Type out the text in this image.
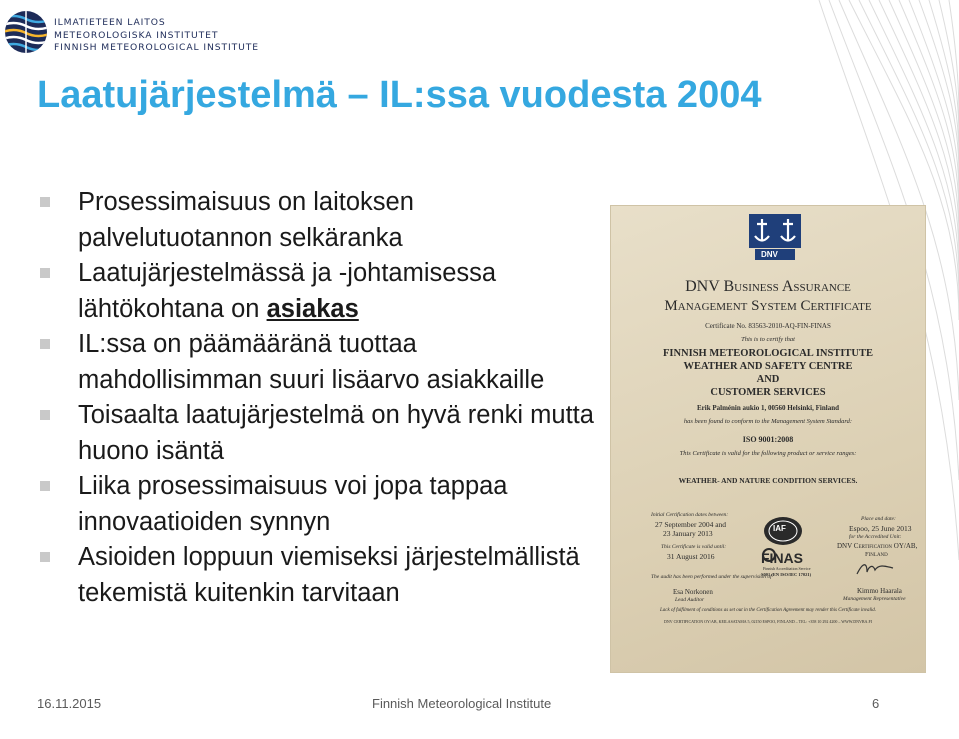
ILMATIETEEN LAITOS
METEOROLOGISKA INSTITUTET
FINNISH METEOROLOGICAL INSTITUTE
Laatujärjestelmä – IL:ssa vuodesta 2004
Prosessimaisuus on laitoksen palvelutuotannon selkäranka
Laatujärjestelmässä ja -johtamisessa lähtökohtana on asiakas
IL:ssa on päämääränä tuottaa mahdollisimman suuri lisäarvo asiakkaille
Toisaalta laatujärjestelmä on hyvä renki mutta huono isäntä
Liika prosessimaisuus voi jopa tappaa innovaatioiden synnyn
Asioiden loppuun viemiseksi järjestelmällistä tekemistä kuitenkin tarvitaan
DNV
DNV Business Assurance
Management System Certificate
Certificate No. 83563-2010-AQ-FIN-FINAS
This is to certify that
FINNISH METEOROLOGICAL INSTITUTE
WEATHER AND SAFETY CENTRE
AND
CUSTOMER SERVICES
Erik Palménin aukio 1, 00560 Helsinki, Finland
has been found to conform to the Management System Standard:
ISO 9001:2008
This Certificate is valid for the following product or service ranges:
WEATHER- AND NATURE CONDITION SERVICES.
Initial Certification dates between:
27 September 2004 and
23 January 2013
This Certificate is valid until:
31 August 2016
The audit has been performed under the supervision of
Esa Norkonen
Lead Auditor
IAF
FINAS
Finnish Accreditation Service
S001 (EN ISO/IEC 17021)
Place and date:
Espoo, 25 June 2013
for the Accredited Unit:
DNV Certification OY/AB,
Finland
Kimmo Haarala
Management Representative
Lack of fulfilment of conditions as set out in the Certification Agreement may render this Certificate invalid.
DNV CERTIFICATION OY/AB, KEILASATAMA 5, 02150 ESPOO, FINLAND – TEL: +358 10 292 4200 – WWW.DNVBA.FI
16.11.2015	Finnish Meteorological Institute	6
